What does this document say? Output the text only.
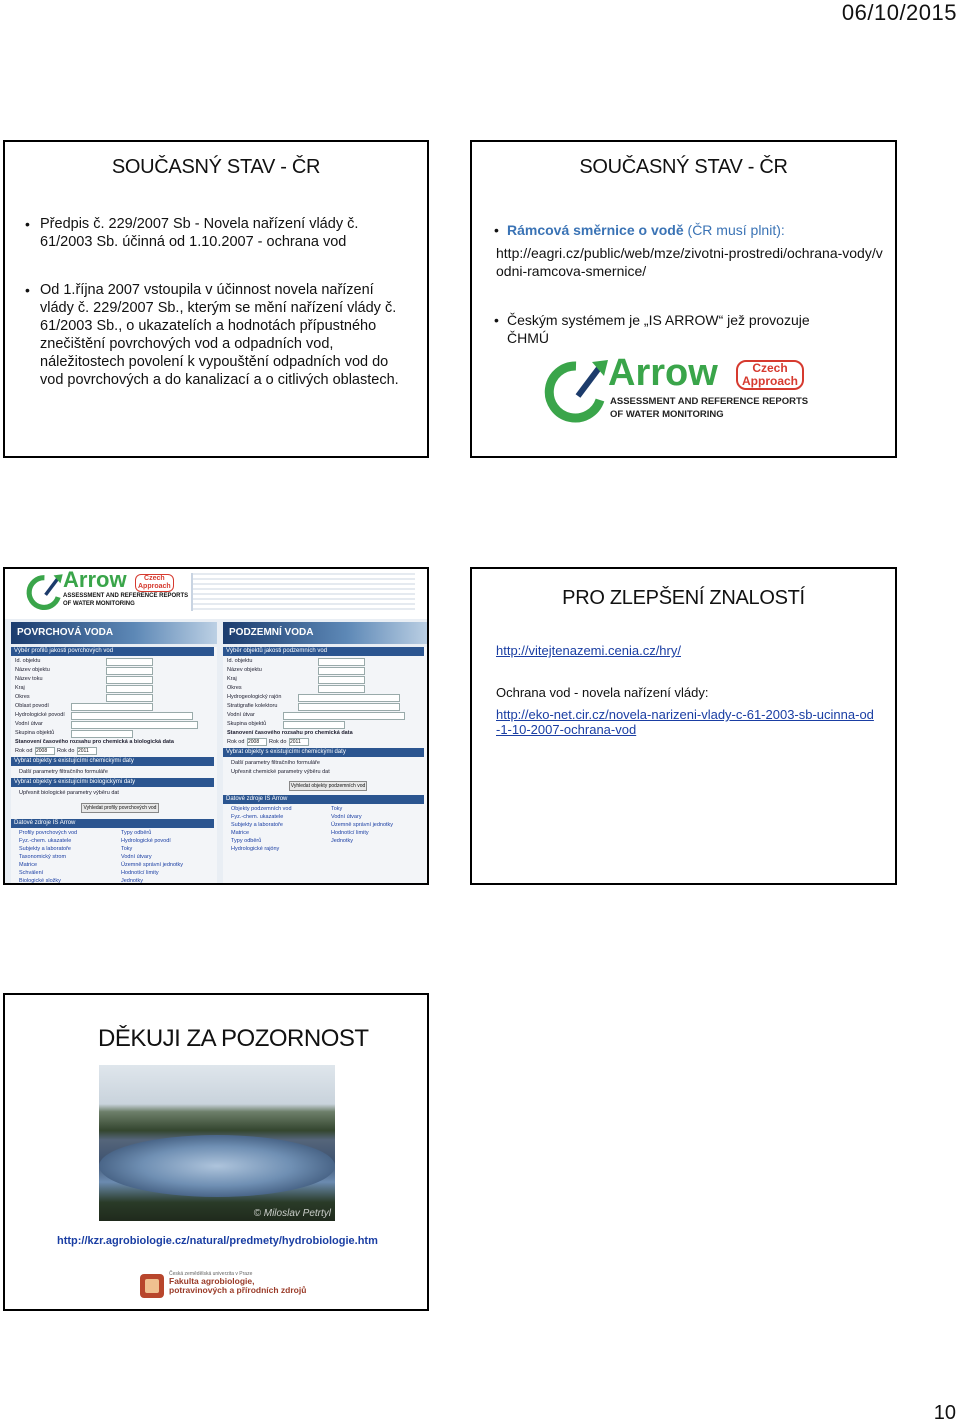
06/10/2015
SOUČASNÝ STAV - ČR
• Předpis č. 229/2007 Sb - Novela nařízení vlády č. 61/2003 Sb. účinná od 1.10.2007 - ochrana vod
• Od 1.října 2007 vstoupila v účinnost novela nařízení vlády č. 229/2007 Sb., kterým se mění nařízení vlády č. 61/2003 Sb., o ukazatelích a hodnotách přípustného znečištění povrchových vod a odpadních vod, náležitostech povolení k vypouštění odpadních vod do vod povrchových a do kanalizací a o citlivých oblastech.
SOUČASNÝ STAV - ČR
• Rámcová směrnice o vodě (ČR musí plnit):
http://eagri.cz/public/web/mze/zivotni-prostredi/ochrana-vody/vodni-ramcova-smernice/
• Českým systémem je „IS ARROW“ jež provozuje ČHMÚ
Arrow	Czech
Approach
ASSESSMENT AND REFERENCE REPORTS
OF WATER MONITORING
Arrow	Czech
Approach
ASSESSMENT AND REFERENCE REPORTS
OF WATER MONITORING
POVRCHOVÁ VODA
Výběr profilů jakosti povrchových vod
Id. objektu
Název objektu
Název toku
Kraj
Okres
Oblast povodí
Hydrologické povodí
Vodní útvar
Skupina objektů
Stanovení časového rozsahu pro chemická a biologická data
Rok od 2008	Rok do 2011
Vybrat objekty s existujícími chemickými daty
Další parametry filtračního formuláře
Vybrat objekty s existujícími biologickými daty
Upřesnit biologické parametry výběru dat
Vyhledat profily povrchových vod
Datové zdroje IS Arrow
Profily povrchových vod
Fyz.-chem. ukazatele
Subjekty a laboratoře
Taxonomický strom
Matrice
Schválení
Biologické složky
Typy odběrů
Hydrologické povodí
Toky
Vodní útvary
Územně správní jednotky
Hodnotící limity
Jednotky
PODZEMNÍ VODA
Výběr objektů jakosti podzemních vod
Id. objektu
Název objektu
Kraj
Okres
Hydrogeologický rajón
Stratigrafie kolektoru
Vodní útvar
Skupina objektů
Stanovení časového rozsahu pro chemická data
Rok od 2008	Rok do 2011
Vybrat objekty s existujícími chemickými daty
Další parametry filtračního formuláře
Upřesnit chemické parametry výběru dat
Vyhledat objekty podzemních vod
Datové zdroje IS Arrow
Objekty podzemních vod
Fyz.-chem. ukazatele
Subjekty a laboratoře
Matrice
Typy odběrů
Hydrologické rajóny
Toky
Vodní útvary
Územně správní jednotky
Hodnotící limity
Jednotky
PRO ZLEPŠENÍ ZNALOSTÍ
http://vitejtenazemi.cenia.cz/hry/
Ochrana vod - novela nařízení vlády:
http://eko-net.cir.cz/novela-narizeni-vlady-c-61-2003-sb-ucinna-od-1-10-2007-ochrana-vod
DĚKUJI ZA POZORNOST
© Miloslav Petrtyl
http://kzr.agrobiologie.cz/natural/predmety/hydrobiologie.htm
Česká zemědělská univerzita v Praze
Fakulta agrobiologie, potravinových a přírodních zdrojů
10
